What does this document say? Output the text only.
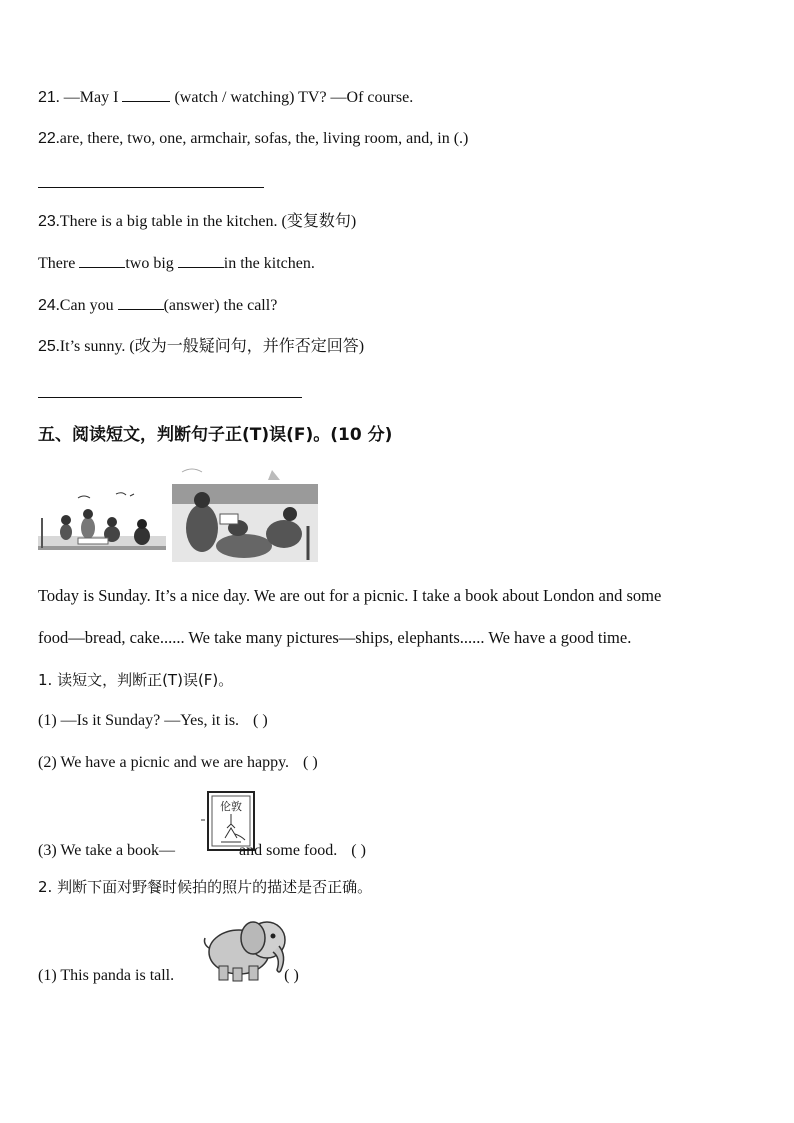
21. —May I	(watch / watching) TV? —Of course.
22.are, there, two, one, armchair, sofas, the, living room, and, in (.)
23.There is a big table in the kitchen. (变复数句)
There	two big	in the kitchen.
24.Can you	(answer) the call?
25.It’s sunny. (改为一般疑问句，并作否定回答)
五、阅读短文，判断句子正(T)误(F)。(10 分)
Today is Sunday. It’s a nice day. We are out for a picnic. I take a book about London and some
food—bread, cake...... We take many pictures—ships, elephants...... We have a good time.
1. 读短文，判断正(T)误(F)。
(1) —Is it Sunday? —Yes, it is. ( )
(2) We have a picnic and we are happy. ( )
伦敦
(3) We take a book—	and some food. ( )
2. 判断下面对野餐时候拍的照片的描述是否正确。
(1) This panda is tall.	( )
